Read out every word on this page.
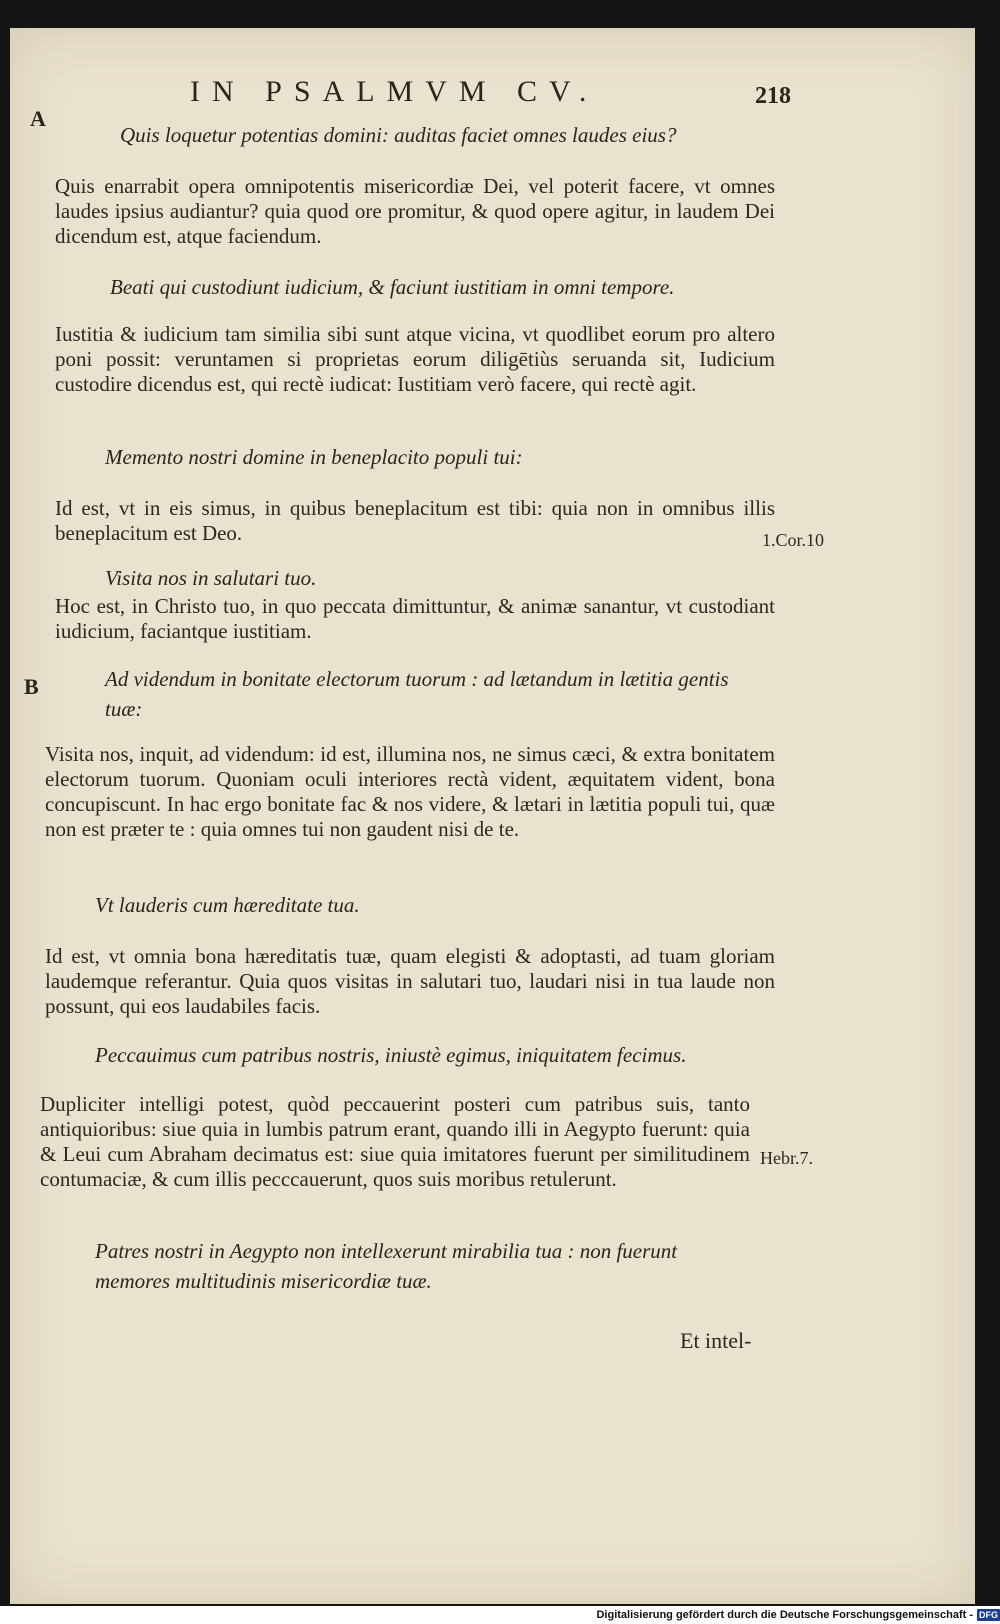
IN PSALMVM CV.	218
A
B
Quis loquetur potentias domini: auditas faciet omnes laudes eius?
Quis enarrabit opera omnipotentis misericordiæ Dei, vel poterit facere, vt omnes laudes ipsius audiantur? quia quod ore promitur, & quod opere agitur, in laudem Dei dicendum est, atque faciendum.
Beati qui custodiunt iudicium, & faciunt iustitiam in omni tempore.
Iustitia & iudicium tam similia sibi sunt atque vicina, vt quodlibet eorum pro altero poni possit: veruntamen si proprietas eorum diligētiùs seruanda sit, Iudicium custodire dicendus est, qui rectè iudicat: Iustitiam verò facere, qui rectè agit.
Memento nostri domine in beneplacito populi tui:
Id est, vt in eis simus, in quibus beneplacitum est tibi: quia non in omnibus illis beneplacitum est Deo.	1.Cor.10
Visita nos in salutari tuo.
Hoc est, in Christo tuo, in quo peccata dimittuntur, & animæ sanantur, vt custodiant iudicium, faciantque iustitiam.
Ad videndum in bonitate electorum tuorum : ad lætandum in lætitia gentis tuæ:
Visita nos, inquit, ad videndum: id est, illumina nos, ne simus cæci, & extra bonitatem electorum tuorum. Quoniam oculi interiores rectà vident, æquitatem vident, bona concupiscunt. In hac ergo bonitate fac & nos videre, & lætari in lætitia populi tui, quæ non est præter te : quia omnes tui non gaudent nisi de te.
Vt lauderis cum hæreditate tua.
Id est, vt omnia bona hæreditatis tuæ, quam elegisti & adoptasti, ad tuam gloriam laudemque referantur. Quia quos visitas in salutari tuo, laudari nisi in tua laude non possunt, qui eos laudabiles facis.
Peccauimus cum patribus nostris, iniustè egimus, iniquitatem fecimus.
Dupliciter intelligi potest, quòd peccauerint posteri cum patribus suis, tanto antiquioribus: siue quia in lumbis patrum erant, quando illi in Aegypto fuerunt: quia & Leui cum Abraham decimatus est: siue quia imitatores fuerunt per similitudinem contumaciæ, & cum illis pecccauerunt, quos suis moribus retulerunt.
Hebr.7.
Patres nostri in Aegypto non intellexerunt mirabilia tua : non fuerunt memores multitudinis misericordiæ tuæ.
Et intel-
Digitalisierung gefördert durch die Deutsche Forschungsgemeinschaft - DFG
